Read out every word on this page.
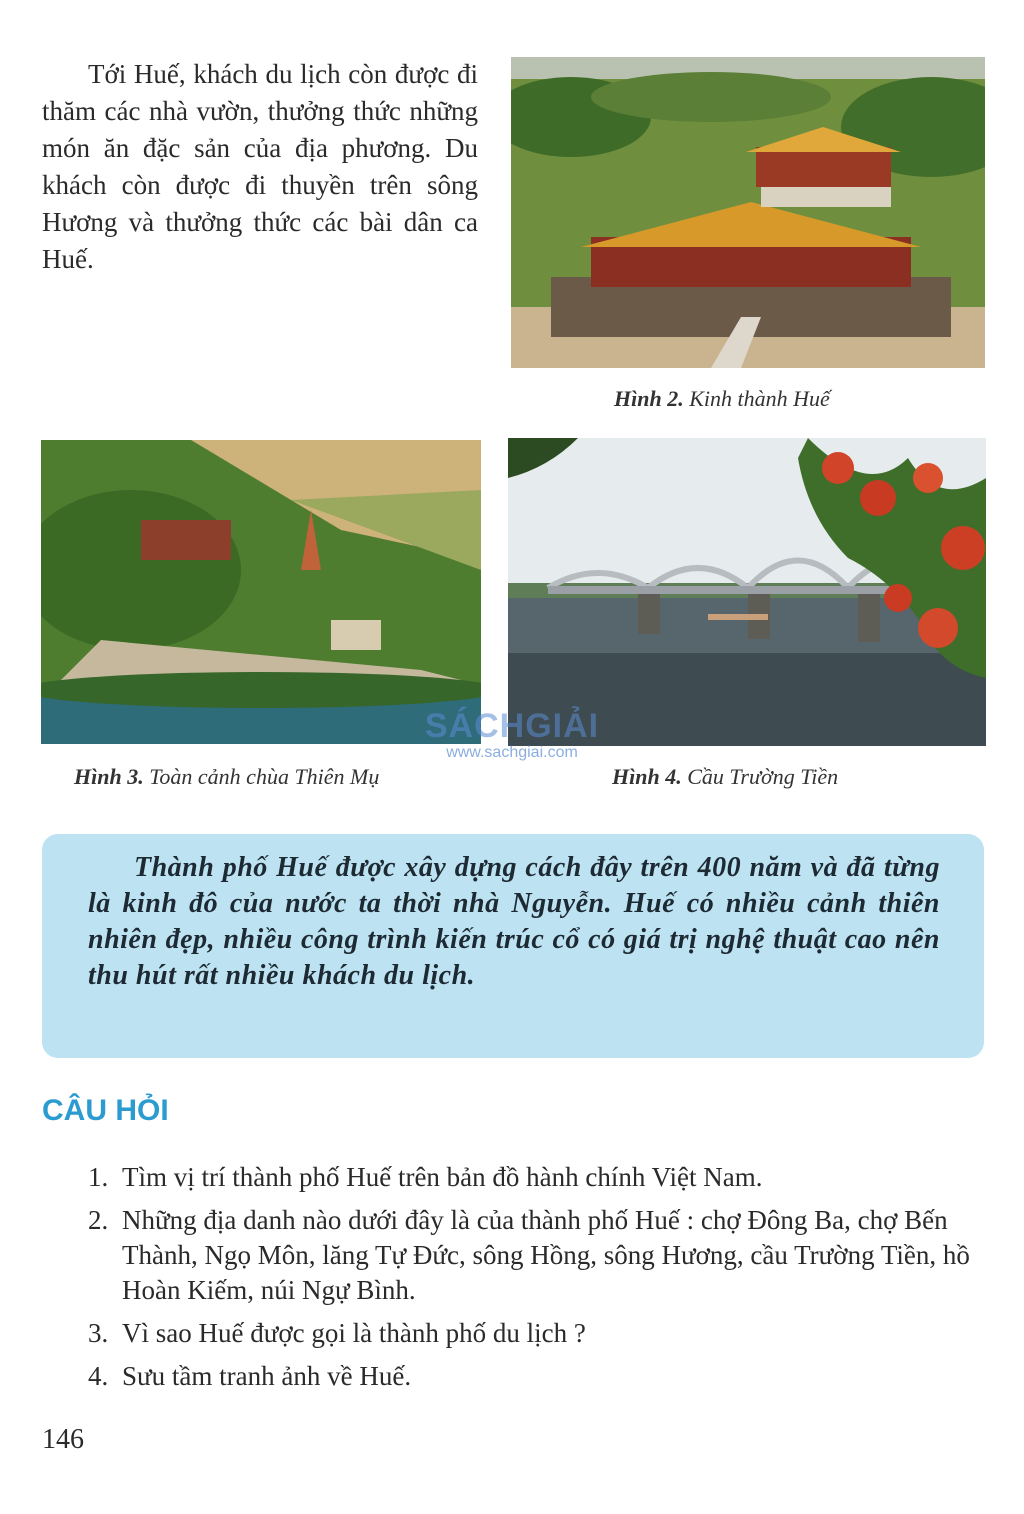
Tới Huế, khách du lịch còn được đi thăm các nhà vườn, thưởng thức những món ăn đặc sản của địa phương. Du khách còn được đi thuyền trên sông Hương và thưởng thức các bài dân ca Huế.
Hình 2. Kinh thành Huế
Hình 3. Toàn cảnh chùa Thiên Mụ	Hình 4. Cầu Trường Tiền
SÁCHGIẢI
www.sachgiai.com
Thành phố Huế được xây dựng cách đây trên 400 năm và đã từng là kinh đô của nước ta thời nhà Nguyễn. Huế có nhiều cảnh thiên nhiên đẹp, nhiều công trình kiến trúc cổ có giá trị nghệ thuật cao nên thu hút rất nhiều khách du lịch.
CÂU HỎI
1. Tìm vị trí thành phố Huế trên bản đồ hành chính Việt Nam.
2. Những địa danh nào dưới đây là của thành phố Huế : chợ Đông Ba, chợ Bến Thành, Ngọ Môn, lăng Tự Đức, sông Hồng, sông Hương, cầu Trường Tiền, hồ Hoàn Kiếm, núi Ngự Bình.
3. Vì sao Huế được gọi là thành phố du lịch ?
4. Sưu tầm tranh ảnh về Huế.
146
